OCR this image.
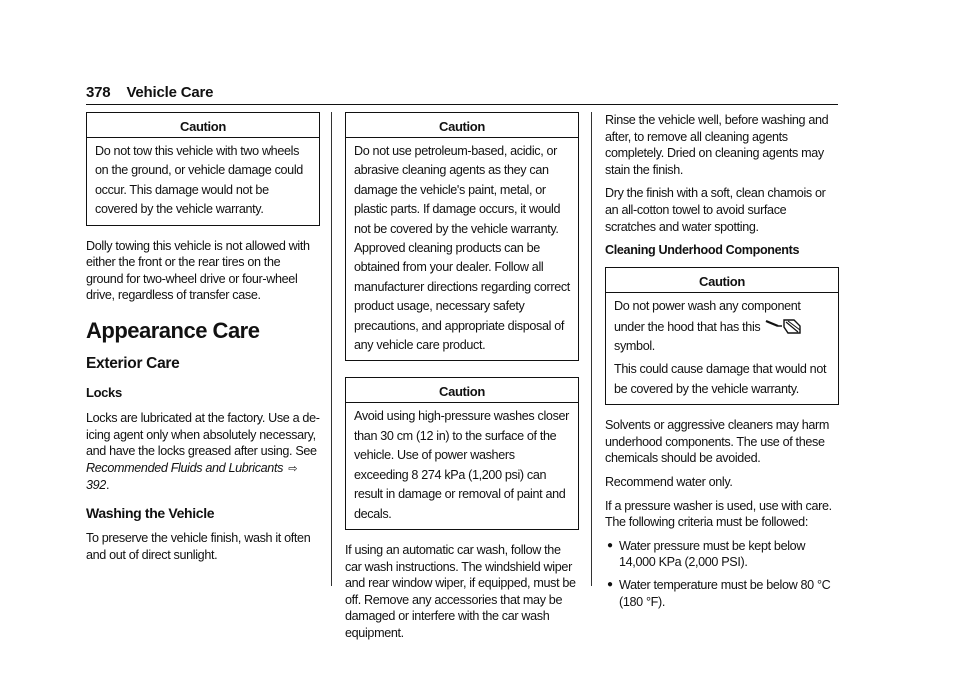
378 Vehicle Care
Caution

Do not tow this vehicle with two wheels on the ground, or vehicle damage could occur. This damage would not be covered by the vehicle warranty.

Dolly towing this vehicle is not allowed with either the front or the rear tires on the ground for two-wheel drive or four-wheel drive, regardless of transfer case.

Appearance Care
Exterior Care
Locks

Locks are lubricated at the factory. Use a de-icing agent only when absolutely necessary, and have the locks greased after using. See Recommended Fluids and Lubricants ⇨392.

Washing the Vehicle

To preserve the vehicle finish, wash it often and out of direct sunlight.

Caution

Do not use petroleum-based, acidic, or abrasive cleaning agents as they can damage the vehicle's paint, metal, or plastic parts. If damage occurs, it would not be covered by the vehicle warranty. Approved cleaning products can be obtained from your dealer. Follow all manufacturer directions regarding correct product usage, necessary safety precautions, and appropriate disposal of any vehicle care product.

Caution

Avoid using high-pressure washes closer than 30 cm (12 in) to the surface of the vehicle. Use of power washers exceeding 8 274 kPa (1,200 psi) can result in damage or removal of paint and decals.

If using an automatic car wash, follow the car wash instructions. The windshield wiper and rear window wiper, if equipped, must be off. Remove any accessories that may be damaged or interfere with the car wash equipment.

Rinse the vehicle well, before washing and after, to remove all cleaning agents completely. Dried on cleaning agents may stain the finish.

Dry the finish with a soft, clean chamois or an all-cotton towel to avoid surface scratches and water spotting.

Cleaning Underhood Components
Caution

Do not power wash any component under the hood that has this
symbol.

This could cause damage that would not be covered by the vehicle warranty.

Solvents or aggressive cleaners may harm underhood components. The use of these chemicals should be avoided.

Recommend water only.

If a pressure washer is used, use with care. The following criteria must be followed:

● Water pressure must be kept below 14,000 KPa (2,000 PSI).
● Water temperature must be below 80 °C (180 °F).
